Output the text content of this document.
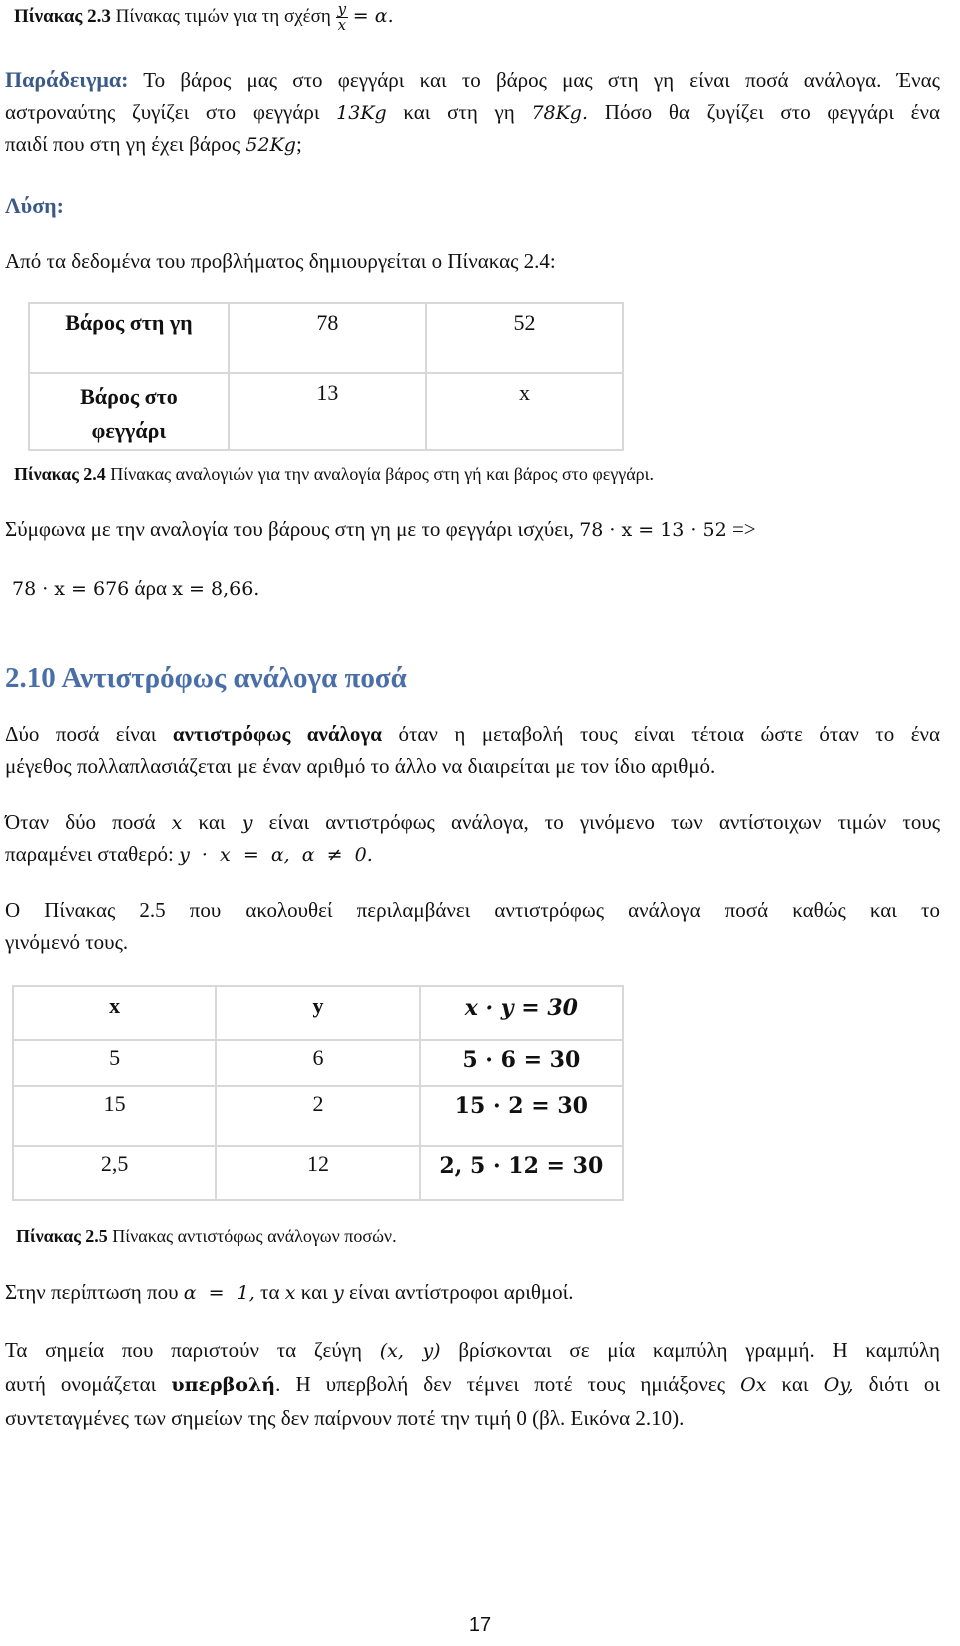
Πίνακας 2.3 Πίνακας τιμών για τη σχέση $\frac{y}{x} = \alpha$.
Παράδειγμα: Το βάρος μας στο φεγγάρι και το βάρος μας στη γη είναι ποσά ανάλογα. Ένας
αστροναύτης ζυγίζει στο φεγγάρι 13Kg και στη γη 78Kg. Πόσο θα ζυγίζει στο φεγγάρι ένα
παιδί που στη γη έχει βάρος 52Kg;
Λύση:
Από τα δεδομένα του προβλήματος δημιουργείται ο Πίνακας 2.4:
Βάρος στη γη	78	52
Βάρος στο
φεγγάρι	13	x
Πίνακας 2.4 Πίνακας αναλογιών για την αναλογία βάρος στη γή και βάρος στο φεγγάρι.
Σύμφωνα με την αναλογία του βάρους στη γη με το φεγγάρι ισχύει, 78 · x = 13 · 52 =>
78 · x = 676 άρα x = 8,66.
2.10 Αντιστρόφως ανάλογα ποσά
Δύο ποσά είναι αντιστρόφως ανάλογα όταν η μεταβολή τους είναι τέτοια ώστε όταν το ένα
μέγεθος πολλαπλασιάζεται με έναν αριθμό το άλλο να διαιρείται με τον ίδιο αριθμό.
Όταν δύο ποσά x και y είναι αντιστρόφως ανάλογα, το γινόμενο των αντίστοιχων τιμών τους
παραμένει σταθερό: y  ·  x  =  α,  α  ≠  0.
Ο Πίνακας 2.5 που ακολουθεί περιλαμβάνει αντιστρόφως ανάλογα ποσά καθώς και το
γινόμενό τους.
x	y	x · y = 30
5	6	5 · 6 = 30
15	2	15 · 2 = 30
2,5	12	2, 5 · 12 = 30
Πίνακας 2.5 Πίνακας αντιστόφως ανάλογων ποσών.
Στην περίπτωση που α  =  1, τα x και y είναι αντίστροφοι αριθμοί.
Τα σημεία που παριστούν τα ζεύγη (x, y) βρίσκονται σε μία καμπύλη γραμμή. Η καμπύλη
αυτή ονομάζεται υπερβολή. Η υπερβολή δεν τέμνει ποτέ τους ημιάξονες Ox και Oy, διότι οι
συντεταγμένες των σημείων της δεν παίρνουν ποτέ την τιμή 0 (βλ. Εικόνα 2.10).
17
